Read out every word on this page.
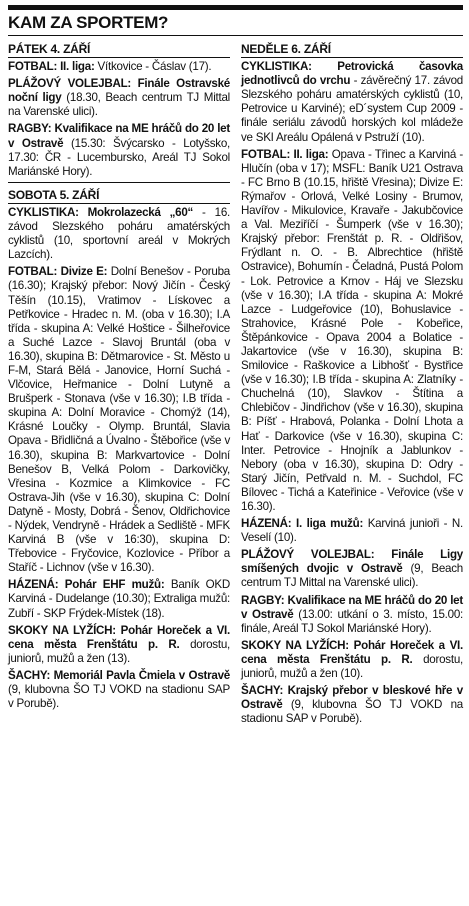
KAM ZA SPORTEM?
PÁTEK 4. ZÁŘÍ
FOTBAL: II. liga: Vítkovice - Čáslav (17).
PLÁŽOVÝ VOLEJBAL: Finále Ostravské noční ligy (18.30, Beach centrum TJ Mittal na Varenské ulici).
RAGBY: Kvalifikace na ME hráčů do 20 let v Ostravě (15.30: Švýcarsko - Lotyšsko, 17.30: ČR - Lucembursko, Areál TJ Sokol Mariánské Hory).
SOBOTA 5. ZÁŘÍ
CYKLISTIKA: Mokrolazecká „60“ - 16. závod Slezského poháru amatérských cyklistů (10, sportovní areál v Mokrých Lazcích).
FOTBAL: Divize E: Dolní Benešov - Poruba (16.30); Krajský přebor: Nový Jičín - Český Těšín (10.15), Vratimov - Lískovec a Petřkovice - Hradec n. M. (oba v 16.30); I.A třída - skupina A: Velké Hoštice - Šilheřovice a Suché Lazce - Slavoj Bruntál (oba v 16.30), skupina B: Dětmarovice - St. Město u F-M, Stará Bělá - Janovice, Horní Suchá - Vlčovice, Heřmanice - Dolní Lutyně a Brušperk - Stonava (vše v 16.30); I.B třída - skupina A: Dolní Moravice - Chomýž (14), Krásné Loučky - Olymp. Bruntál, Slavia Opava - Břidličná a Úvalno - Štěbořice (vše v 16.30), skupina B: Markvartovice - Dolní Benešov B, Velká Polom - Darkovičky, Vřesina - Kozmice a Klimkovice - FC Ostrava-Jih (vše v 16.30), skupina C: Dolní Datyně - Mosty, Dobrá - Šenov, Oldřichovice - Nýdek, Vendryně - Hrádek a Sedliště - MFK Karviná B (vše v 16:30), skupina D: Třebovice - Fryčovice, Kozlovice - Příbor a Staříč - Lichnov (vše v 16.30).
HÁZENÁ: Pohár EHF mužů: Baník OKD Karviná - Dudelange (10.30); Extraliga mužů: Zubří - SKP Frýdek-Místek (18).
SKOKY NA LYŽÍCH: Pohár Horeček a VI. cena města Frenštátu p. R. dorostu, juniorů, mužů a žen (13).
ŠACHY: Memoriál Pavla Čmiela v Ostravě (9, klubovna ŠO TJ VOKD na stadionu SAP v Porubě).
NEDĚLE 6. ZÁŘÍ
CYKLISTIKA: Petrovická časovka jednotlivců do vrchu - závěrečný 17. závod Slezského poháru amatérských cyklistů (10, Petrovice u Karviné); eD´system Cup 2009 - finále seriálu závodů horských kol mládeže ve SKI Areálu Opálená v Pstruží (10).
FOTBAL: II. liga: Opava - Třinec a Karviná - Hlučín (oba v 17); MSFL: Baník U21 Ostrava - FC Brno B (10.15, hřiště Vřesina); Divize E: Rýmařov - Orlová, Velké Losiny - Brumov, Havířov - Mikulovice, Kravaře - Jakubčovice a Val. Meziříčí - Šumperk (vše v 16.30); Krajský přebor: Frenštát p. R. - Oldřišov, Frýdlant n. O. - B. Albrechtice (hřiště Ostravice), Bohumín - Čeladná, Pustá Polom - Lok. Petrovice a Krnov - Háj ve Slezsku (vše v 16.30); I.A třída - skupina A: Mokré Lazce - Ludgeřovice (10), Bohuslavice - Strahovice, Krásné Pole - Kobeřice, Štěpánkovice - Opava 2004 a Bolatice - Jakartovice (vše v 16.30), skupina B: Smilovice - Raškovice a Libhošť - Bystřice (vše v 16.30); I.B třída - skupina A: Zlatníky - Chuchelná (10), Slavkov - Štítina a Chlebičov - Jindřichov (vše v 16.30), skupina B: Píšť - Hrabová, Polanka - Dolní Lhota a Hať - Darkovice (vše v 16.30), skupina C: Inter. Petrovice - Hnojník a Jablunkov - Nebory (oba v 16.30), skupina D: Odry - Starý Jičín, Petřvald n. M. - Suchdol, FC Bílovec - Tichá a Kateřinice - Veřovice (vše v 16.30).
HÁZENÁ: I. liga mužů: Karviná junioři - N. Veselí (10).
PLÁŽOVÝ VOLEJBAL: Finále Ligy smíšených dvojic v Ostravě (9, Beach centrum TJ Mittal na Varenské ulici).
RAGBY: Kvalifikace na ME hráčů do 20 let v Ostravě (13.00: utkání o 3. místo, 15.00: finále, Areál TJ Sokol Mariánské Hory).
SKOKY NA LYŽÍCH: Pohár Horeček a VI. cena města Frenštátu p. R. dorostu, juniorů, mužů a žen (10).
ŠACHY: Krajský přebor v bleskové hře v Ostravě (9, klubovna ŠO TJ VOKD na stadionu SAP v Porubě).
